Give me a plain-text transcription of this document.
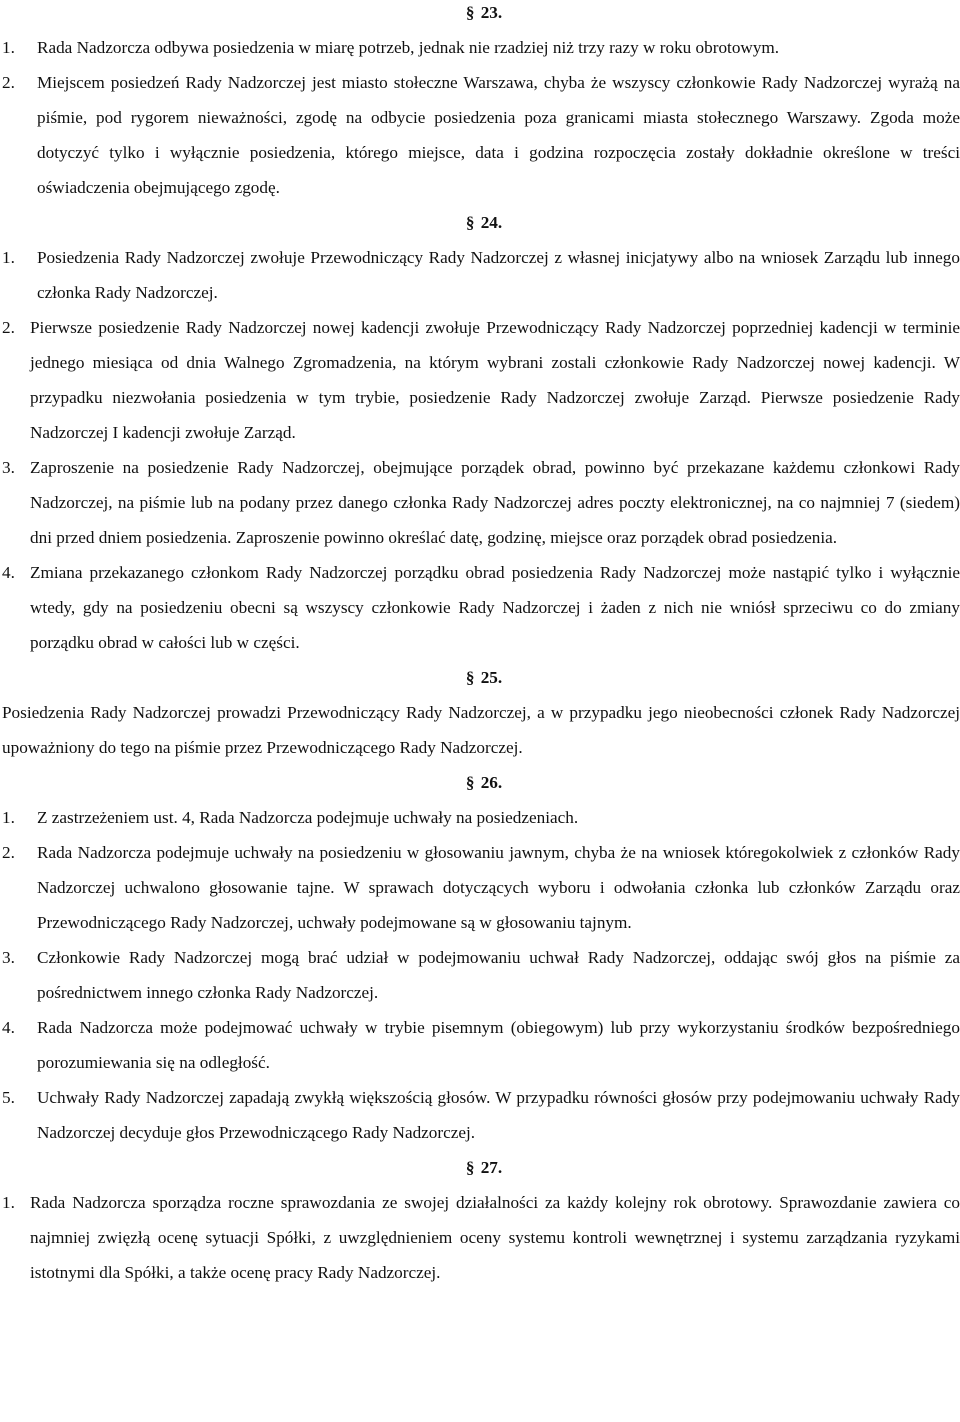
§ 23.
1. Rada Nadzorcza odbywa posiedzenia w miarę potrzeb, jednak nie rzadziej niż trzy razy w roku obrotowym.
2. Miejscem posiedzeń Rady Nadzorczej jest miasto stołeczne Warszawa, chyba że wszyscy członkowie Rady Nadzorczej wyrażą na piśmie, pod rygorem nieważności, zgodę na odbycie posiedzenia poza granicami miasta stołecznego Warszawy. Zgoda może dotyczyć tylko i wyłącznie posiedzenia, którego miejsce, data i godzina rozpoczęcia zostały dokładnie określone w treści oświadczenia obejmującego zgodę.
§ 24.
1. Posiedzenia Rady Nadzorczej zwołuje Przewodniczący Rady Nadzorczej z własnej inicjatywy albo na wniosek Zarządu lub innego członka Rady Nadzorczej.
2. Pierwsze posiedzenie Rady Nadzorczej nowej kadencji zwołuje Przewodniczący Rady Nadzorczej poprzedniej kadencji w terminie jednego miesiąca od dnia Walnego Zgromadzenia, na którym wybrani zostali członkowie Rady Nadzorczej nowej kadencji. W przypadku niezwołania posiedzenia w tym trybie, posiedzenie Rady Nadzorczej zwołuje Zarząd. Pierwsze posiedzenie Rady Nadzorczej I kadencji zwołuje Zarząd.
3. Zaproszenie na posiedzenie Rady Nadzorczej, obejmujące porządek obrad, powinno być przekazane każdemu członkowi Rady Nadzorczej, na piśmie lub na podany przez danego członka Rady Nadzorczej adres poczty elektronicznej, na co najmniej 7 (siedem) dni przed dniem posiedzenia. Zaproszenie powinno określać datę, godzinę, miejsce oraz porządek obrad posiedzenia.
4. Zmiana przekazanego członkom Rady Nadzorczej porządku obrad posiedzenia Rady Nadzorczej może nastąpić tylko i wyłącznie wtedy, gdy na posiedzeniu obecni są wszyscy członkowie Rady Nadzorczej i żaden z nich nie wniósł sprzeciwu co do zmiany porządku obrad w całości lub w części.
§ 25.
Posiedzenia Rady Nadzorczej prowadzi Przewodniczący Rady Nadzorczej, a w przypadku jego nieobecności członek Rady Nadzorczej upoważniony do tego na piśmie przez Przewodniczącego Rady Nadzorczej.
§ 26.
1. Z zastrzeżeniem ust. 4, Rada Nadzorcza podejmuje uchwały na posiedzeniach.
2. Rada Nadzorcza podejmuje uchwały na posiedzeniu w głosowaniu jawnym, chyba że na wniosek któregokolwiek z członków Rady Nadzorczej uchwalono głosowanie tajne. W sprawach dotyczących wyboru i odwołania członka lub członków Zarządu oraz Przewodniczącego Rady Nadzorczej, uchwały podejmowane są w głosowaniu tajnym.
3. Członkowie Rady Nadzorczej mogą brać udział w podejmowaniu uchwał Rady Nadzorczej, oddając swój głos na piśmie za pośrednictwem innego członka Rady Nadzorczej.
4. Rada Nadzorcza może podejmować uchwały w trybie pisemnym (obiegowym) lub przy wykorzystaniu środków bezpośredniego porozumiewania się na odległość.
5. Uchwały Rady Nadzorczej zapadają zwykłą większością głosów. W przypadku równości głosów przy podejmowaniu uchwały Rady Nadzorczej decyduje głos Przewodniczącego Rady Nadzorczej.
§ 27.
1. Rada Nadzorcza sporządza roczne sprawozdania ze swojej działalności za każdy kolejny rok obrotowy. Sprawozdanie zawiera co najmniej zwięzłą ocenę sytuacji Spółki, z uwzględnieniem oceny systemu kontroli wewnętrznej i systemu zarządzania ryzykami istotnymi dla Spółki, a także ocenę pracy Rady Nadzorczej.
